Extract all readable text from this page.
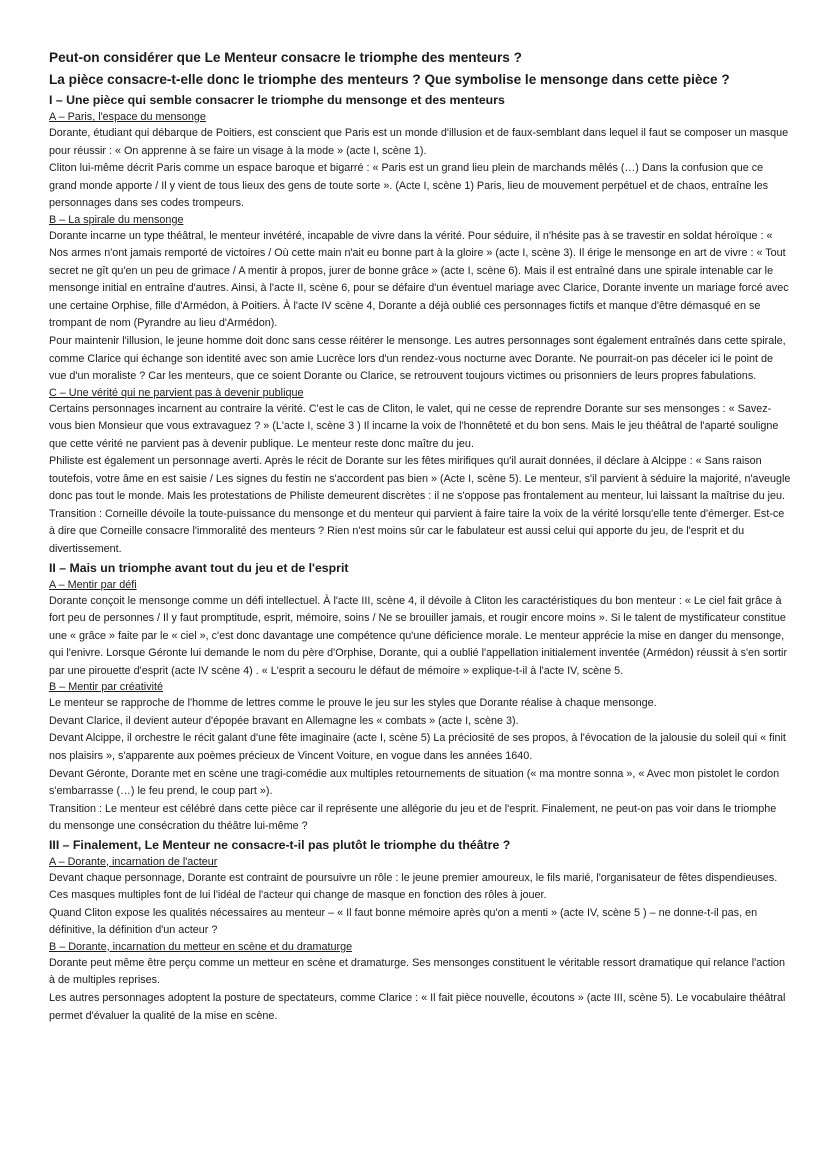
Peut-on considérer que Le Menteur consacre le triomphe des menteurs ?

La pièce consacre-t-elle donc le triomphe des menteurs ? Que symbolise le mensonge dans cette pièce ?

I – Une pièce qui semble consacrer le triomphe du mensonge et des menteurs

A – Paris, l'espace du mensonge

Dorante, étudiant qui débarque de Poitiers, est conscient que Paris est un monde d'illusion et de faux-semblant dans lequel il faut se composer un masque pour réussir : « On apprenne à se faire un visage à la mode » (acte I, scène 1).

Cliton lui-même décrit Paris comme un espace baroque et bigarré : « Paris est un grand lieu plein de marchands mêlés (…) Dans la confusion que ce grand monde apporte / Il y vient de tous lieux des gens de toute sorte ». (Acte I, scène 1) Paris, lieu de mouvement perpétuel et de chaos, entraîne les personnages dans ses codes trompeurs.

B – La spirale du mensonge

Dorante incarne un type théâtral, le menteur invétéré, incapable de vivre dans la vérité. Pour séduire, il n'hésite pas à se travestir en soldat héroïque : « Nos armes n'ont jamais remporté de victoires / Où cette main n'ait eu bonne part à la gloire » (acte I, scène 3). Il érige le mensonge en art de vivre : « Tout secret ne gît qu'en un peu de grimace / A mentir à propos, jurer de bonne grâce » (acte I, scène 6). Mais il est entraîné dans une spirale intenable car le mensonge initial en entraîne d'autres. Ainsi, à l'acte II, scène 6, pour se défaire d'un éventuel mariage avec Clarice, Dorante invente un mariage forcé avec une certaine Orphise, fille d'Armédon, à Poitiers. À l'acte IV scène 4, Dorante a déjà oublié ces personnages fictifs et manque d'être démasqué en se trompant de nom (Pyrandre au lieu d'Armédon).

Pour maintenir l'illusion, le jeune homme doit donc sans cesse réitérer le mensonge. Les autres personnages sont également entraînés dans cette spirale, comme Clarice qui échange son identité avec son amie Lucrèce lors d'un rendez-vous nocturne avec Dorante. Ne pourrait-on pas déceler ici le point de vue d'un moraliste ? Car les menteurs, que ce soient Dorante ou Clarice, se retrouvent toujours victimes ou prisonniers de leurs propres fabulations.

C – Une vérité qui ne parvient pas à devenir publique

Certains personnages incarnent au contraire la vérité. C'est le cas de Cliton, le valet, qui ne cesse de reprendre Dorante sur ses mensonges : « Savez-vous bien Monsieur que vous extravaguez ? » (L'acte I, scène 3 ) Il incarne la voix de l'honnêteté et du bon sens. Mais le jeu théâtral de l'aparté souligne que cette vérité ne parvient pas à devenir publique. Le menteur reste donc maître du jeu.

Philiste est également un personnage averti. Après le récit de Dorante sur les fêtes mirifiques qu'il aurait données, il déclare à Alcippe : « Sans raison toutefois, votre âme en est saisie / Les signes du festin ne s'accordent pas bien » (Acte I, scène 5). Le menteur, s'il parvient à séduire la majorité, n'aveugle donc pas tout le monde. Mais les protestations de Philiste demeurent discrètes : il ne s'oppose pas frontalement au menteur, lui laissant la maîtrise du jeu.

Transition : Corneille dévoile la toute-puissance du mensonge et du menteur qui parvient à faire taire la voix de la vérité lorsqu'elle tente d'émerger. Est-ce à dire que Corneille consacre l'immoralité des menteurs ? Rien n'est moins sûr car le fabulateur est aussi celui qui apporte du jeu, de l'esprit et du divertissement.

II – Mais un triomphe avant tout du jeu et de l'esprit

A – Mentir par défi

Dorante conçoit le mensonge comme un défi intellectuel. À l'acte III, scène 4, il dévoile à Cliton les caractéristiques du bon menteur : « Le ciel fait grâce à fort peu de personnes / Il y faut promptitude, esprit, mémoire, soins / Ne se brouiller jamais, et rougir encore moins ». Si le talent de mystificateur constitue une « grâce » faite par le « ciel », c'est donc davantage une compétence qu'une déficience morale. Le menteur apprécie la mise en danger du mensonge, qui l'enivre. Lorsque Géronte lui demande le nom du père d'Orphise, Dorante, qui a oublié l'appellation initialement inventée (Armédon) réussit à s'en sortir par une pirouette d'esprit (acte IV scène 4) . « L'esprit a secouru le défaut de mémoire » explique-t-il à l'acte IV, scène 5.

B – Mentir par créativité

Le menteur se rapproche de l'homme de lettres comme le prouve le jeu sur les styles que Dorante réalise à chaque mensonge.

Devant Clarice, il devient auteur d'épopée bravant en Allemagne les « combats » (acte I, scène 3).

Devant Alcippe, il orchestre le récit galant d'une fête imaginaire (acte I, scène 5) La préciosité de ses propos, à l'évocation de la jalousie du soleil qui « finit nos plaisirs », s'apparente aux poèmes précieux de Vincent Voiture, en vogue dans les années 1640.

Devant Géronte, Dorante met en scène une tragi-comédie aux multiples retournements de situation (« ma montre sonna », « Avec mon pistolet le cordon s'embarrasse (…) le feu prend, le coup part »).

Transition : Le menteur est célébré dans cette pièce car il représente une allégorie du jeu et de l'esprit. Finalement, ne peut-on pas voir dans le triomphe du mensonge une consécration du théâtre lui-même ?

III – Finalement, Le Menteur ne consacre-t-il pas plutôt le triomphe du théâtre ?

A – Dorante, incarnation de l'acteur

Devant chaque personnage, Dorante est contraint de poursuivre un rôle : le jeune premier amoureux, le fils marié, l'organisateur de fêtes dispendieuses. Ces masques multiples font de lui l'idéal de l'acteur qui change de masque en fonction des rôles à jouer.

Quand Cliton expose les qualités nécessaires au menteur – « Il faut bonne mémoire après qu'on a menti » (acte IV, scène 5 ) – ne donne-t-il pas, en définitive, la définition d'un acteur ?

B – Dorante, incarnation du metteur en scène et du dramaturge

Dorante peut même être perçu comme un metteur en scène et dramaturge. Ses mensonges constituent le véritable ressort dramatique qui relance l'action à de multiples reprises.

Les autres personnages adoptent la posture de spectateurs, comme Clarice : « Il fait pièce nouvelle, écoutons » (acte III, scène 5). Le vocabulaire théâtral permet d'évaluer la qualité de la mise en scène.
